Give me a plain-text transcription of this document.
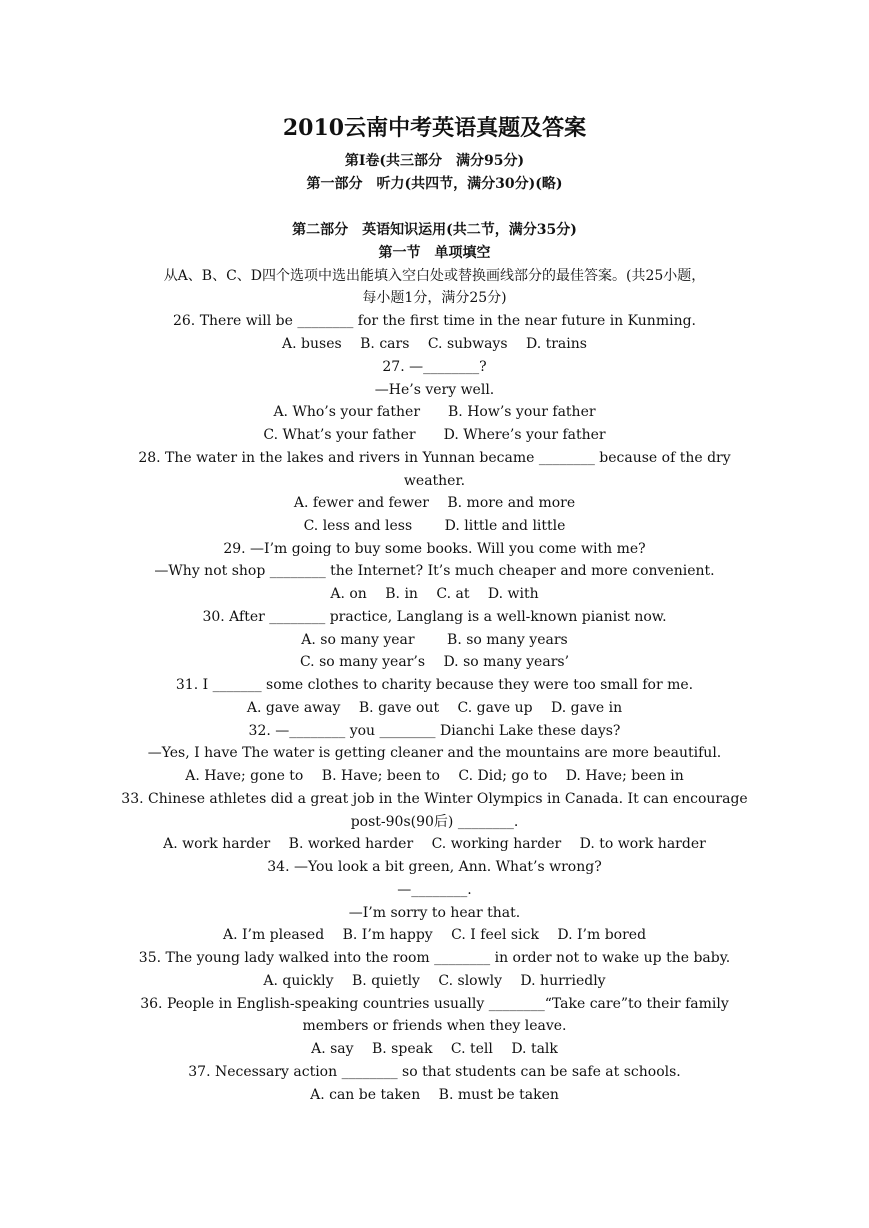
2010云南中考英语真题及答案
第Ⅰ卷(共三部分　满分95分)
第一部分　听力(共四节，满分30分)(略)
第二部分　英语知识运用(共二节，满分35分)
第一节　单项填空
从A、B、C、D四个选项中选出能填入空白处或替换画线部分的最佳答案。(共25小题，
每小题1分，满分25分)
26. There will be ________ for the first time in the near future in Kunming.
A. buses　 B. cars　 C. subways　 D. trains
27. —________?
—He’s very well.
A. Who’s your father　　B. How’s your father
C. What’s your father　　D. Where’s your father
28. The water in the lakes and rivers in Yunnan became ________ because of the dry
weather.
A. fewer and fewer　 B. more and more
C. less and less　　 D. little and little
29. —I’m going to buy some books. Will you come with me?
—Why not shop ________ the Internet? It’s much cheaper and more convenient.
A. on　 B. in　 C. at　 D. with
30. After ________ practice, Langlang is a well-known pianist now.
A. so many year　　 B. so many years
C. so many year’s　 D. so many years’
31. I _______ some clothes to charity because they were too small for me.
A. gave away　 B. gave out　 C. gave up　 D. gave in
32. —________ you ________ Dianchi Lake these days?
—Yes, I have The water is getting cleaner and the mountains are more beautiful.
A. Have; gone to　 B. Have; been to　 C. Did; go to　 D. Have; been in
33. Chinese athletes did a great job in the Winter Olympics in Canada. It can encourage
post-90s(90后) ________.
A. work harder　 B. worked harder　 C. working harder　 D. to work harder
34. —You look a bit green, Ann. What’s wrong?
—________.
—I’m sorry to hear that.
A. I’m pleased　 B. I’m happy　 C. I feel sick　 D. I’m bored
35. The young lady walked into the room ________ in order not to wake up the baby.
A. quickly　 B. quietly　 C. slowly　 D. hurriedly
36. People in English-speaking countries usually ________“Take care”to their family
members or friends when they leave.
A. say　 B. speak　 C. tell　 D. talk
37. Necessary action ________ so that students can be safe at schools.
A. can be taken　 B. must be taken
